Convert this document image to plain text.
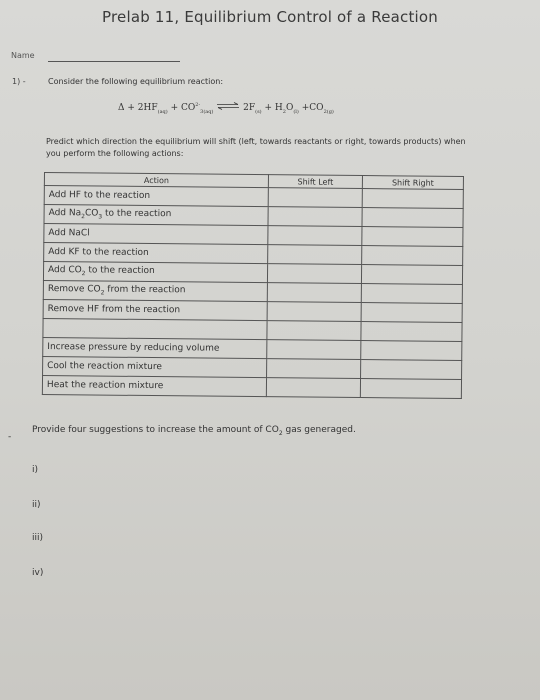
Prelab 11, Equilibrium Control of a Reaction
Name
1) -	Consider the following equilibrium reaction:
$\Delta + 2HF_{(aq)} + CO^{2-}_{3(aq)}$ ⇌ $2F_{(s)} + H_2O_{(l)} +CO_{2(g)}$
Predict which direction the equilibrium will shift (left, towards reactants or right, towards products) when you perform the following actions:
Action	Shift Left	Shift Right
Add HF to the reaction		
Add $Na_2CO_3$ to the reaction		
Add NaCl		
Add KF to the reaction		
Add $CO_2$ to the reaction		
Remove $CO_2$ from the reaction		
Remove HF from the reaction		

Increase pressure by reducing volume		
Cool the reaction mixture		
Heat the reaction mixture		
-
Provide four suggestions to increase the amount of $CO_2$ gas generaged.
i)
ii)
iii)
iv)
